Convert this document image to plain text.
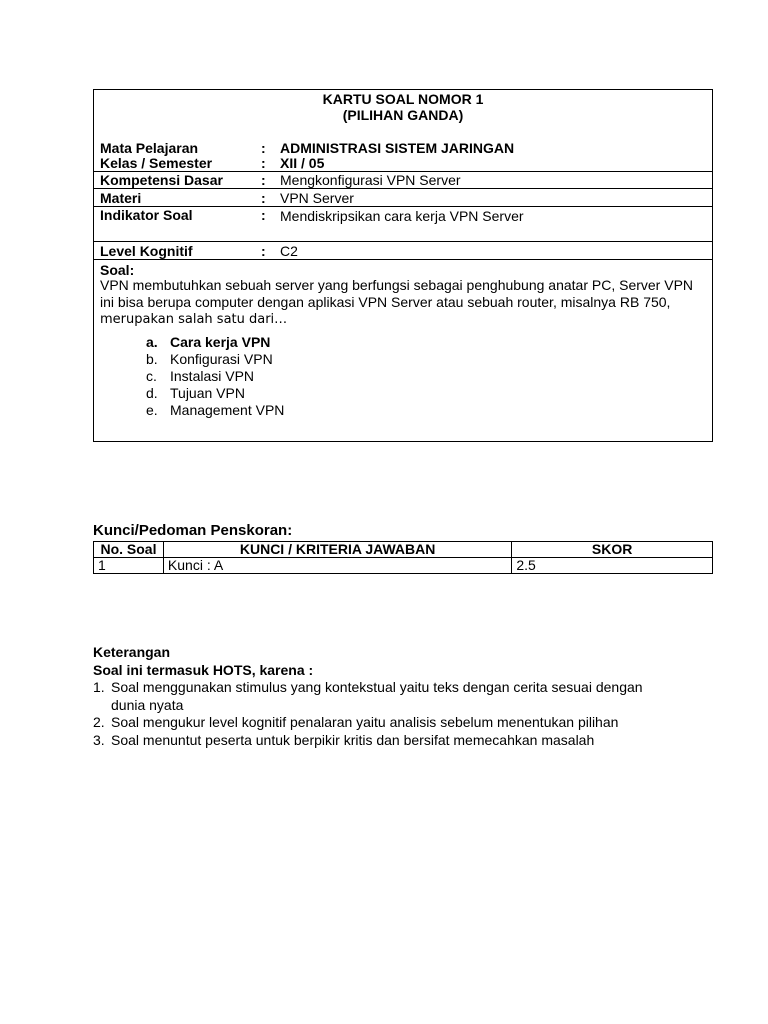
KARTU SOAL NOMOR 1
(PILIHAN GANDA)
Mata Pelajaran	: ADMINISTRASI SISTEM JARINGAN
Kelas / Semester	: XII / 05
Kompetensi Dasar	: Mengkonfigurasi VPN Server
Materi	: VPN Server
Indikator Soal	: Mendiskripsikan cara kerja VPN Server
Level Kognitif	: C2
Soal:
VPN membutuhkan sebuah server yang berfungsi sebagai penghubung anatar PC, Server VPN
ini bisa berupa computer dengan aplikasi VPN Server atau sebuah router, misalnya RB 750,
merupakan salah satu dari…
a. Cara kerja VPN
b. Konfigurasi VPN
c. Instalasi VPN
d. Tujuan VPN
e. Management VPN
Kunci/Pedoman Penskoran:
No. Soal	KUNCI / KRITERIA JAWABAN	SKOR
1	Kunci : A	2.5
Keterangan
Soal ini termasuk HOTS, karena :
1. Soal menggunakan stimulus yang kontekstual yaitu teks dengan cerita sesuai dengan
dunia nyata
2. Soal mengukur level kognitif penalaran yaitu analisis sebelum menentukan pilihan
3. Soal menuntut peserta untuk berpikir kritis dan bersifat memecahkan masalah
